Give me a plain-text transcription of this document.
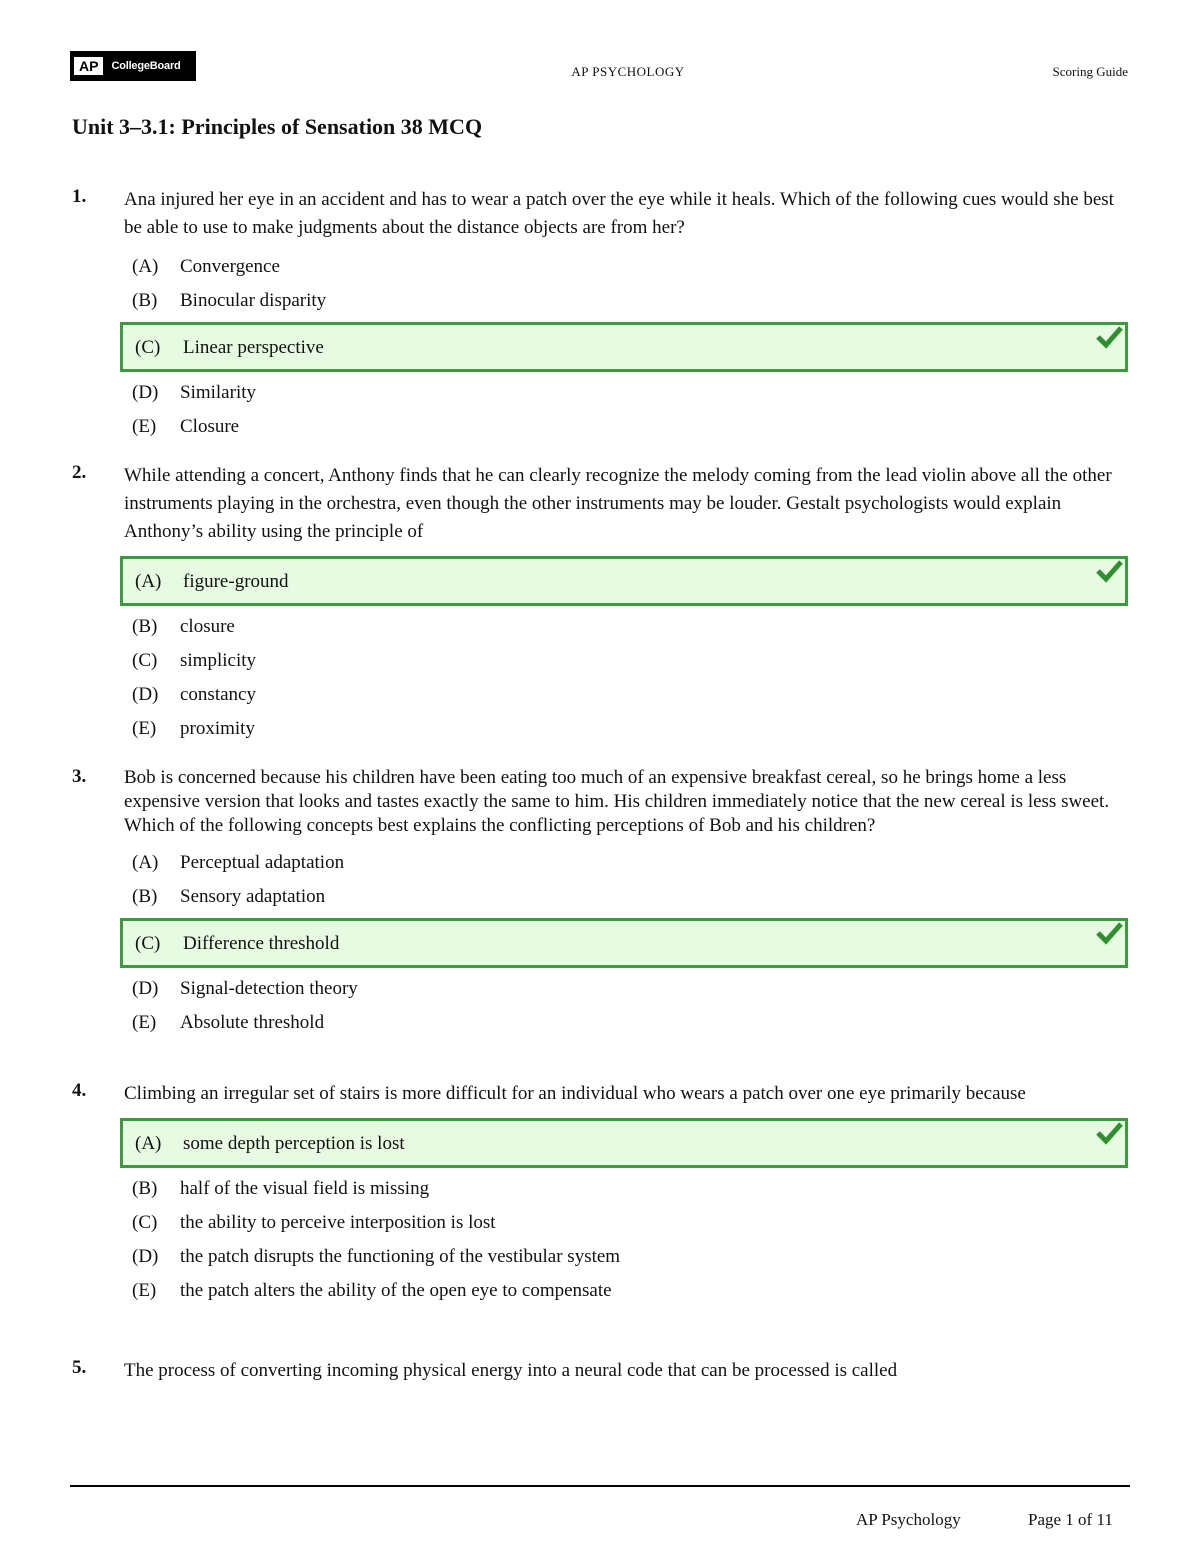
AP	CollegeBoard	AP PSYCHOLOGY	Scoring Guide
Unit 3–3.1: Principles of Sensation 38 MCQ
1. Ana injured her eye in an accident and has to wear a patch over the eye while it heals. Which of the following cues would she best be able to use to make judgments about the distance objects are from her?
(A) Convergence
(B) Binocular disparity
(C) Linear perspective
(D) Similarity
(E) Closure
2. While attending a concert, Anthony finds that he can clearly recognize the melody coming from the lead violin above all the other instruments playing in the orchestra, even though the other instruments may be louder. Gestalt psychologists would explain Anthony’s ability using the principle of
(A) figure-ground
(B) closure
(C) simplicity
(D) constancy
(E) proximity
3. Bob is concerned because his children have been eating too much of an expensive breakfast cereal, so he brings home a less expensive version that looks and tastes exactly the same to him. His children immediately notice that the new cereal is less sweet. Which of the following concepts best explains the conflicting perceptions of Bob and his children?
(A) Perceptual adaptation
(B) Sensory adaptation
(C) Difference threshold
(D) Signal-detection theory
(E) Absolute threshold
4. Climbing an irregular set of stairs is more difficult for an individual who wears a patch over one eye primarily because
(A) some depth perception is lost
(B) half of the visual field is missing
(C) the ability to perceive interposition is lost
(D) the patch disrupts the functioning of the vestibular system
(E) the patch alters the ability of the open eye to compensate
5. The process of converting incoming physical energy into a neural code that can be processed is called
AP Psychology	Page 1 of 11
